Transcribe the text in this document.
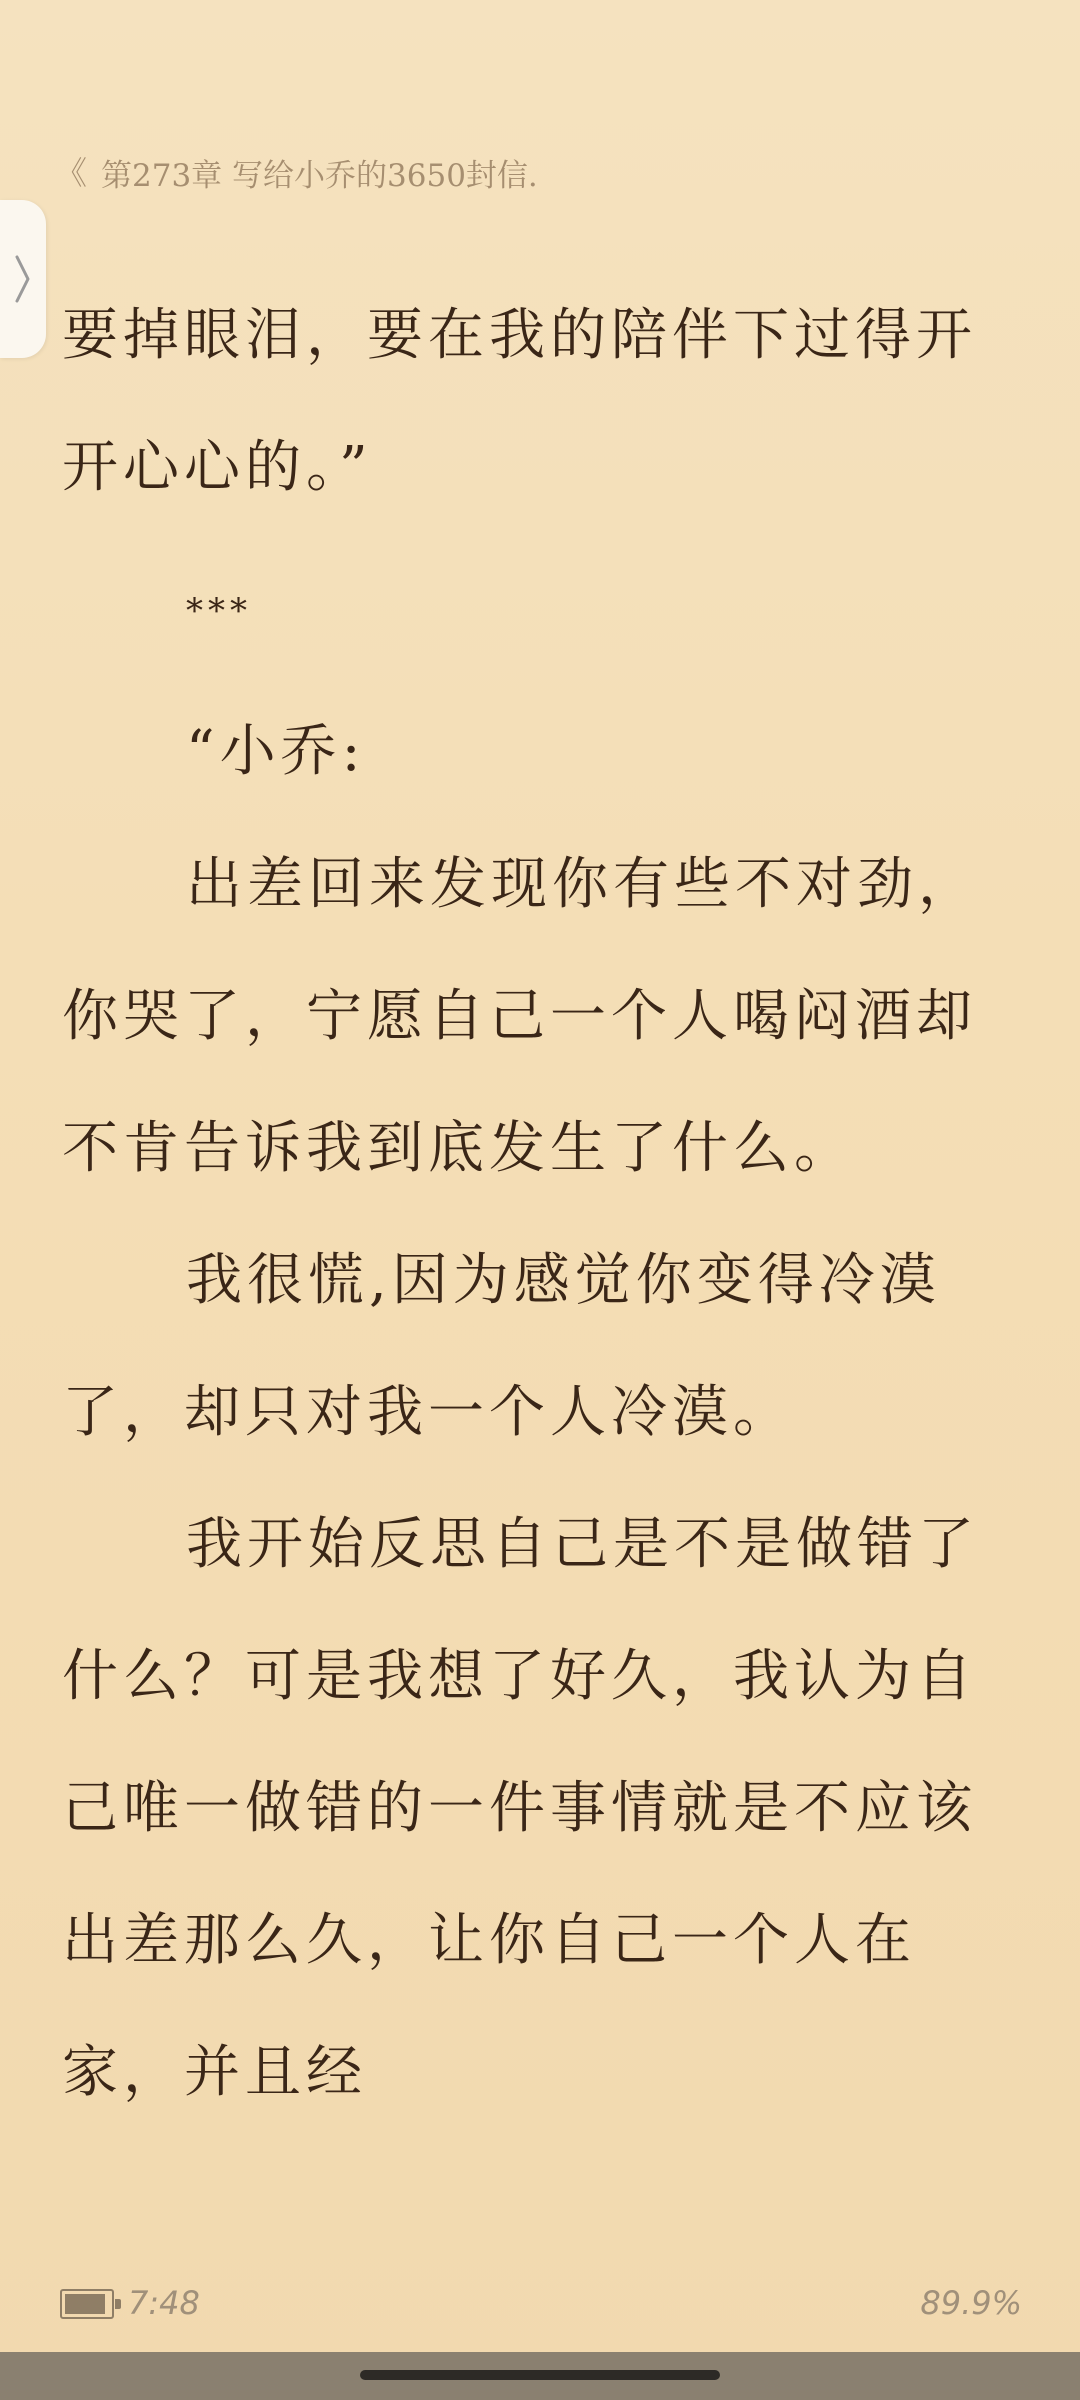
《 第273章 写给小乔的3650封信.

要掉眼泪，要在我的陪伴下过得开开心心的。”

***

“小乔:

出差回来发现你有些不对劲，你哭了，宁愿自己一个人喝闷酒却不肯告诉我到底发生了什么。

我很慌,因为感觉你变得冷漠了，却只对我一个人冷漠。

我开始反思自己是不是做错了什么？可是我想了好久，我认为自己唯一做错的一件事情就是不应该出差那么久，让你自己一个人在家，并且经

7:48	89.9%
